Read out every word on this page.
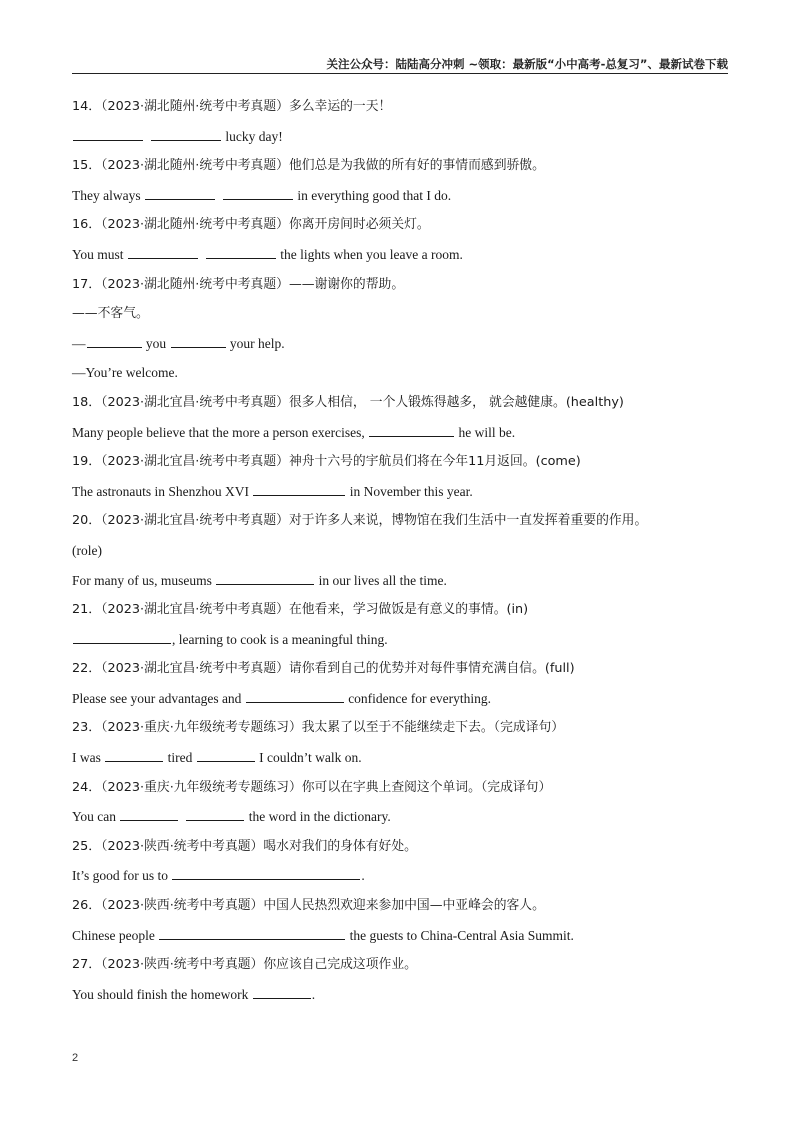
关注公众号：陆陆高分冲刺 ~领取：最新版“小中高考-总复习”、最新试卷下载
14．（2023·湖北随州·统考中考真题）多么幸运的一天！
lucky day!
15．（2023·湖北随州·统考中考真题）他们总是为我做的所有好的事情而感到骄傲。
They always	in everything good that I do.
16．（2023·湖北随州·统考中考真题）你离开房间时必须关灯。
You must	the lights when you leave a room.
17．（2023·湖北随州·统考中考真题）——谢谢你的帮助。
——不客气。
—	you	your help.
—You’re welcome.
18．（2023·湖北宜昌·统考中考真题）很多人相信， 一个人锻炼得越多， 就会越健康。(healthy)
Many people believe that the more a person exercises,	he will be.
19．（2023·湖北宜昌·统考中考真题）神舟十六号的宇航员们将在今年11月返回。(come)
The astronauts in Shenzhou XVI	in November this year.
20．（2023·湖北宜昌·统考中考真题）对于许多人来说，博物馆在我们生活中一直发挥着重要的作用。
(role)
For many of us, museums	in our lives all the time.
21．（2023·湖北宜昌·统考中考真题）在他看来，学习做饭是有意义的事情。(in)
, learning to cook is a meaningful thing.
22．（2023·湖北宜昌·统考中考真题）请你看到自己的优势并对每件事情充满自信。(full)
Please see your advantages and	confidence for everything.
23．（2023·重庆·九年级统考专题练习）我太累了以至于不能继续走下去。（完成译句）
I was	tired	I couldn’t walk on.
24．（2023·重庆·九年级统考专题练习）你可以在字典上查阅这个单词。（完成译句）
You can	the word in the dictionary.
25．（2023·陕西·统考中考真题）喝水对我们的身体有好处。
It’s good for us to	.
26．（2023·陕西·统考中考真题）中国人民热烈欢迎来参加中国—中亚峰会的客人。
Chinese people	the guests to China-Central Asia Summit.
27．（2023·陕西·统考中考真题）你应该自己完成这项作业。
You should finish the homework	.
2
